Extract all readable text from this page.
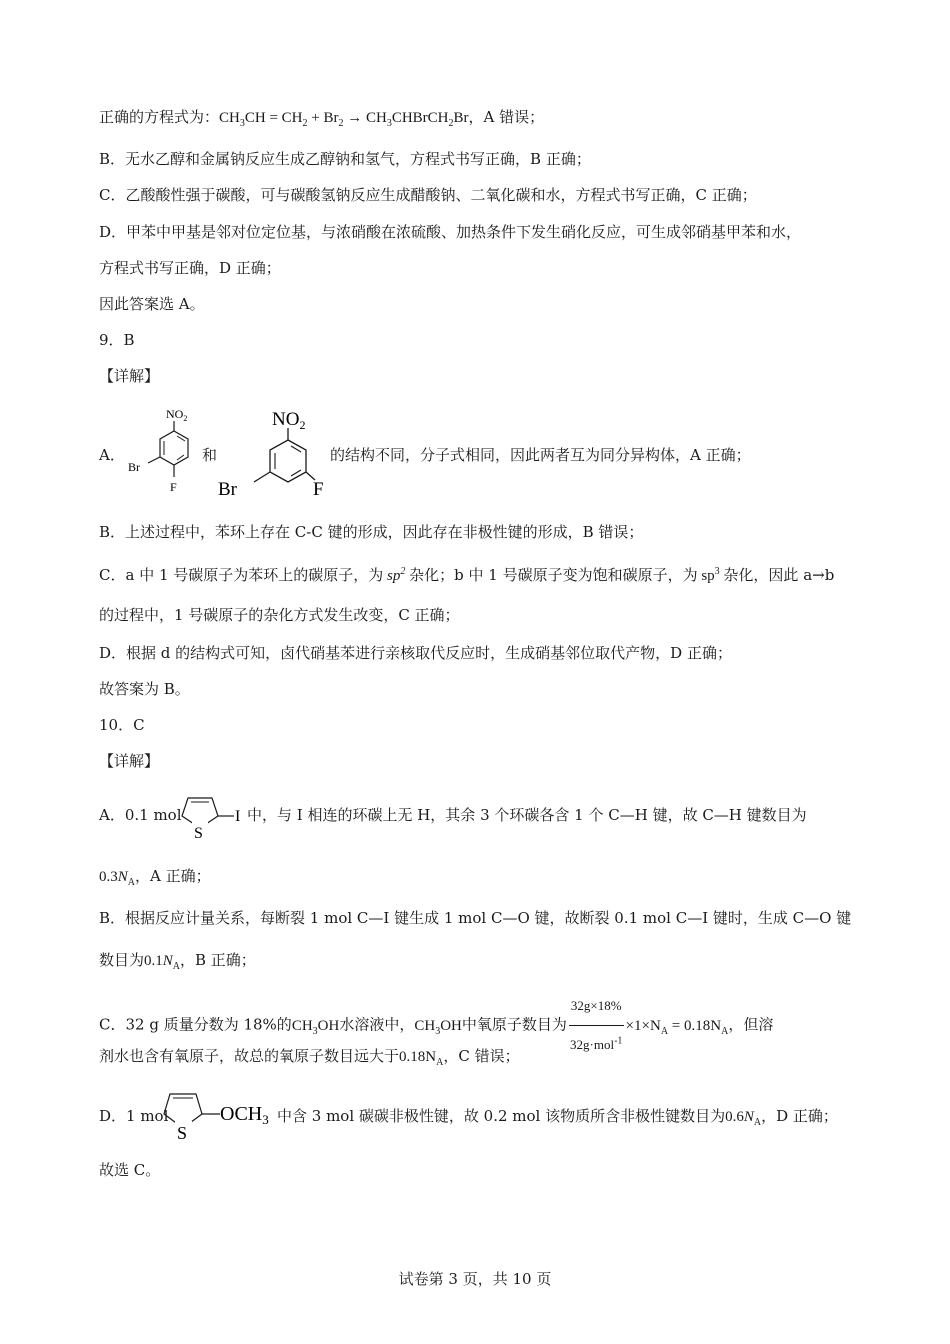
正确的方程式为：$CH_3CH = CH_2 + Br_2$ → $CH_3CHBrCH_2Br$，A 错误；
B．无水乙醇和金属钠反应生成乙醇钠和氢气，方程式书写正确，B 正确；
C．乙酸酸性强于碳酸，可与碳酸氢钠反应生成醋酸钠、二氧化碳和水，方程式书写正确，C 正确；
D．甲苯中甲基是邻对位定位基，与浓硝酸在浓硫酸、加热条件下发生硝化反应，可生成邻硝基甲苯和水，
方程式书写正确，D 正确；
因此答案选 A。
9．B
【详解】
A．
$NO_2$
Br
F
和
$NO_2$
Br	F
的结构不同，分子式相同，因此两者互为同分异构体，A 正确；
B．上述过程中，苯环上存在 C-C 键的形成，因此存在非极性键的形成，B 错误；
C．a 中 1 号碳原子为苯环上的碳原子，为 $sp^2$ 杂化；b 中 1 号碳原子变为饱和碳原子，为 $sp^3$ 杂化，因此 a→b
的过程中，1 号碳原子的杂化方式发生改变，C 正确；
D．根据 d 的结构式可知，卤代硝基苯进行亲核取代反应时，生成硝基邻位取代产物，D 正确；
故答案为 B。
10．C
【详解】
A．0.1 mol
S
I 中，与 I 相连的环碳上无 H，其余 3 个环碳各含 1 个 C—H 键，故 C—H 键数目为
$0.3N_A$，A 正确；
B．根据反应计量关系，每断裂 1 mol C—I 键生成 1 mol C—O 键，故断裂 0.1 mol C—I 键时，生成 C—O 键
数目为$0.1N_A$，B 正确；
C．32 g 质量分数为 18%的$CH_3OH$水溶液中，$CH_3OH$中氧原子数目为 $\frac{32g\times 18\%}{32g\cdot mol^{-1}} \times 1\times N_A = 0.18N_A$，但溶
剂水也含有氧原子，故总的氧原子数目远大于$0.18N_A$，C 错误；
D．1 mol
S
$OCH_3$ 中含 3 mol 碳碳非极性键，故 0.2 mol 该物质所含非极性键数目为$0.6N_A$，D 正确；
故选 C。
试卷第 3 页，共 10 页
